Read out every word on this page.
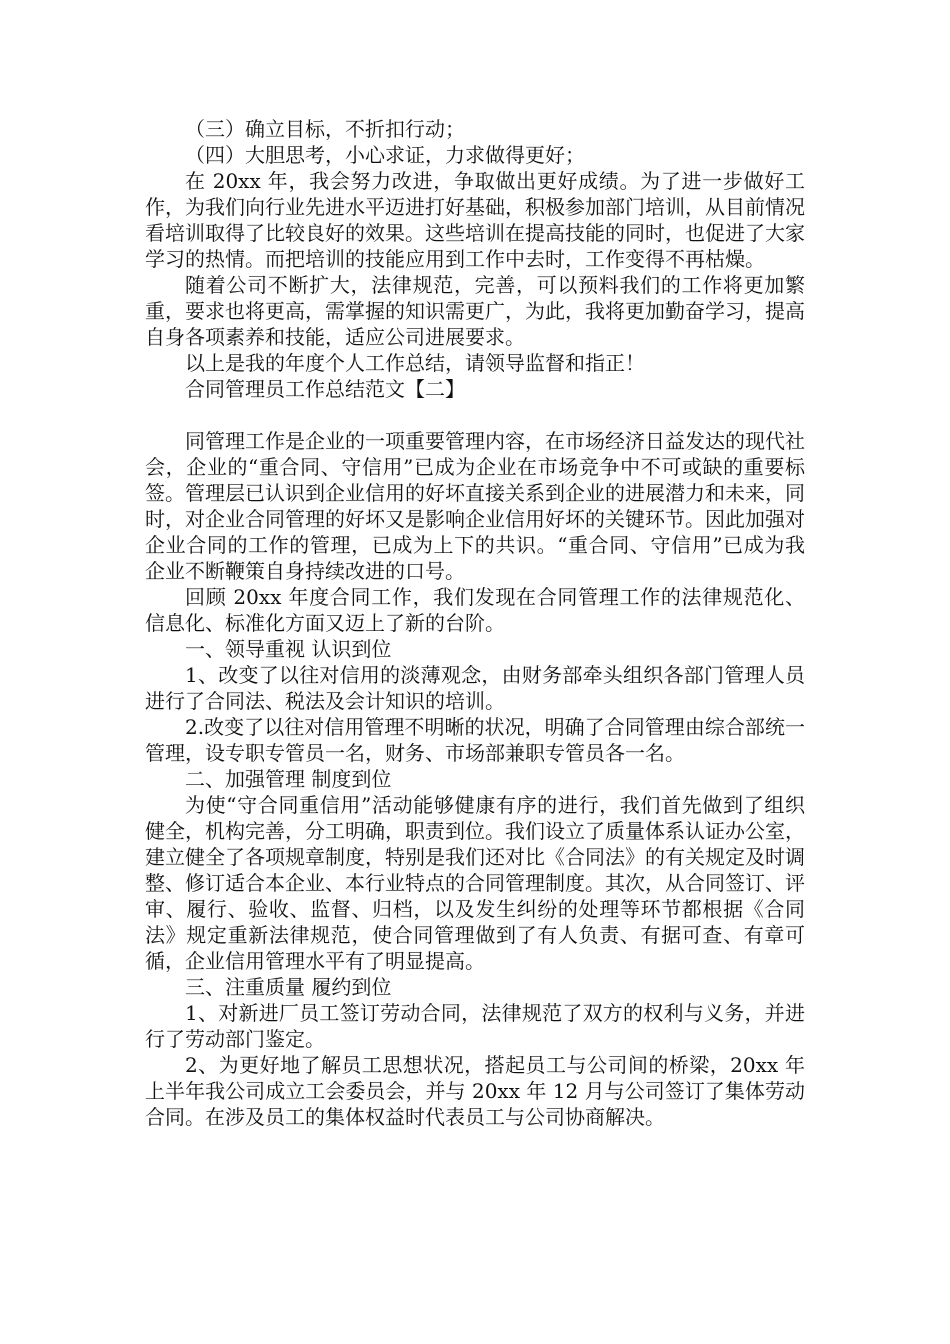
（三）确立目标，不折扣行动；

（四）大胆思考，小心求证，力求做得更好；

在 20xx 年，我会努力改进，争取做出更好成绩。为了进一步做好工作，为我们向行业先进水平迈进打好基础，积极参加部门培训，从目前情况看培训取得了比较良好的效果。这些培训在提高技能的同时，也促进了大家学习的热情。而把培训的技能应用到工作中去时，工作变得不再枯燥。

随着公司不断扩大，法律规范，完善，可以预料我们的工作将更加繁重，要求也将更高，需掌握的知识需更广，为此，我将更加勤奋学习，提高自身各项素养和技能，适应公司进展要求。

以上是我的年度个人工作总结，请领导监督和指正！

合同管理员工作总结范文【二】

同管理工作是企业的一项重要管理内容，在市场经济日益发达的现代社会，企业的“重合同、守信用”已成为企业在市场竞争中不可或缺的重要标签。管理层已认识到企业信用的好坏直接关系到企业的进展潜力和未来，同时，对企业合同管理的好坏又是影响企业信用好坏的关键环节。因此加强对企业合同的工作的管理，已成为上下的共识。“重合同、守信用”已成为我企业不断鞭策自身持续改进的口号。

回顾 20xx 年度合同工作，我们发现在合同管理工作的法律规范化、信息化、标准化方面又迈上了新的台阶。

一、领导重视 认识到位

1、改变了以往对信用的淡薄观念，由财务部牵头组织各部门管理人员进行了合同法、税法及会计知识的培训。

2.改变了以往对信用管理不明晰的状况，明确了合同管理由综合部统一管理，设专职专管员一名，财务、市场部兼职专管员各一名。

二、加强管理 制度到位

为使“守合同重信用”活动能够健康有序的进行，我们首先做到了组织健全，机构完善，分工明确，职责到位。我们设立了质量体系认证办公室，建立健全了各项规章制度，特别是我们还对比《合同法》的有关规定及时调整、修订适合本企业、本行业特点的合同管理制度。其次，从合同签订、评审、履行、验收、监督、归档，以及发生纠纷的处理等环节都根据《合同法》规定重新法律规范，使合同管理做到了有人负责、有据可查、有章可循，企业信用管理水平有了明显提高。

三、注重质量 履约到位

1、对新进厂员工签订劳动合同，法律规范了双方的权利与义务，并进行了劳动部门鉴定。

2、为更好地了解员工思想状况，搭起员工与公司间的桥梁，20xx 年上半年我公司成立工会委员会，并与 20xx 年 12 月与公司签订了集体劳动合同。在涉及员工的集体权益时代表员工与公司协商解决。
